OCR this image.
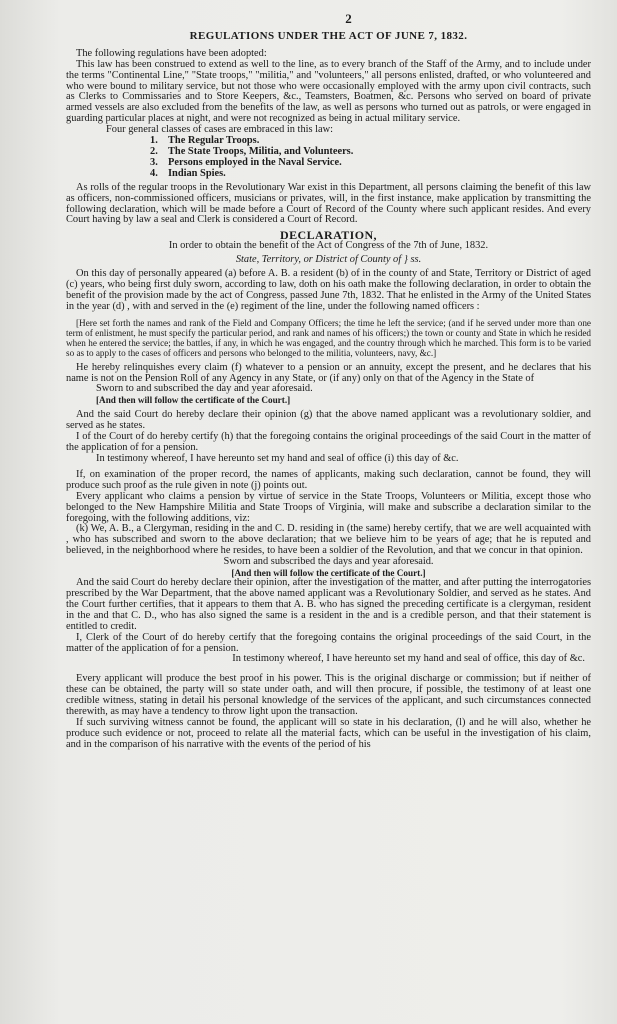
2
REGULATIONS UNDER THE ACT OF JUNE 7, 1832.

The following regulations have been adopted:

This law has been construed to extend as well to the line, as to every branch of the Staff of the Army, and to include under the terms "Continental Line," "State troops," "militia," and "volunteers," all persons enlisted, drafted, or who volunteered and who were bound to military service, but not those who were occasionally employed with the army upon civil contracts, such as Clerks to Commissaries and to Store Keepers, &c., Teamsters, Boatmen, &c. Persons who served on board of private armed vessels are also excluded from the benefits of the law, as well as persons who turned out as patrols, or were engaged in guarding particular places at night, and were not recognized as being in actual military service.

Four general classes of cases are embraced in this law:

1. The Regular Troops.
2. The State Troops, Militia, and Volunteers.
3. Persons employed in the Naval Service.
4. Indian Spies.

As rolls of the regular troops in the Revolutionary War exist in this Department, all persons claiming the benefit of this law as officers, non-commissioned officers, musicians or privates, will, in the first instance, make application by transmitting the following declaration, which will be made before a Court of Record of the County where such applicant resides. And every Court having by law a seal and Clerk is considered a Court of Record.

DECLARATION,

In order to obtain the benefit of the Act of Congress of the 7th of June, 1832.

State, Territory, or District of County of } ss.

On this day of personally appeared (a) before A. B. a resident (b) of in the county of and State, Territory or District of aged (c) years, who being first duly sworn, according to law, doth on his oath make the following declaration, in order to obtain the benefit of the provision made by the act of Congress, passed June 7th, 1832. That he enlisted in the Army of the United States in the year (d) , with and served in the (e) regiment of the line, under the following named officers :

[Here set forth the names and rank of the Field and Company Officers; the time he left the service; (and if he served under more than one term of enlistment, he must specify the particular period, and rank and names of his officers;) the town or county and State in which he resided when he entered the service; the battles, if any, in which he was engaged, and the country through which he marched. This form is to be varied so as to apply to the cases of officers and persons who belonged to the militia, volunteers, navy, &c.]

He hereby relinquishes every claim (f) whatever to a pension or an annuity, except the present, and he declares that his name is not on the Pension Roll of any Agency in any State, or (if any) only on that of the Agency in the State of

Sworn to and subscribed the day and year aforesaid.

[And then will follow the certificate of the Court.]

And the said Court do hereby declare their opinion (g) that the above named applicant was a revolutionary soldier, and served as he states.

I of the Court of do hereby certify (h) that the foregoing contains the original proceedings of the said Court in the matter of the application of for a pension.

In testimony whereof, I have hereunto set my hand and seal of office (i) this day of &c.

If, on examination of the proper record, the names of applicants, making such declaration, cannot be found, they will produce such proof as the rule given in note (j) points out.

Every applicant who claims a pension by virtue of service in the State Troops, Volunteers or Militia, except those who belonged to the New Hampshire Militia and State Troops of Virginia, will make and subscribe a declaration similar to the foregoing, with the following additions, viz:

(k) We, A. B., a Clergyman, residing in the and C. D. residing in (the same) hereby certify, that we are well acquainted with , who has subscribed and sworn to the above declaration; that we believe him to be years of age; that he is reputed and believed, in the neighborhood where he resides, to have been a soldier of the Revolution, and that we concur in that opinion.

Sworn and subscribed the days and year aforesaid.

[And then will follow the certificate of the Court.]

And the said Court do hereby declare their opinion, after the investigation of the matter, and after putting the interrogatories prescribed by the War Department, that the above named applicant was a Revolutionary Soldier, and served as he states. And the Court further certifies, that it appears to them that A. B. who has signed the preceding certificate is a clergyman, resident in the and that C. D., who has also signed the same is a resident in the and is a credible person, and that their statement is entitled to credit.

I, Clerk of the Court of do hereby certify that the foregoing contains the original proceedings of the said Court, in the matter of the application of for a pension.

In testimony whereof, I have hereunto set my hand and seal of office, this day of &c.

Every applicant will produce the best proof in his power. This is the original discharge or commission; but if neither of these can be obtained, the party will so state under oath, and will then procure, if possible, the testimony of at least one credible witness, stating in detail his personal knowledge of the services of the applicant, and such circumstances connected therewith, as may have a tendency to throw light upon the transaction.

If such surviving witness cannot be found, the applicant will so state in his declaration, (l) and he will also, whether he produce such evidence or not, proceed to relate all the material facts, which can be useful in the investigation of his claim, and in the comparison of his narrative with the events of the period of his
